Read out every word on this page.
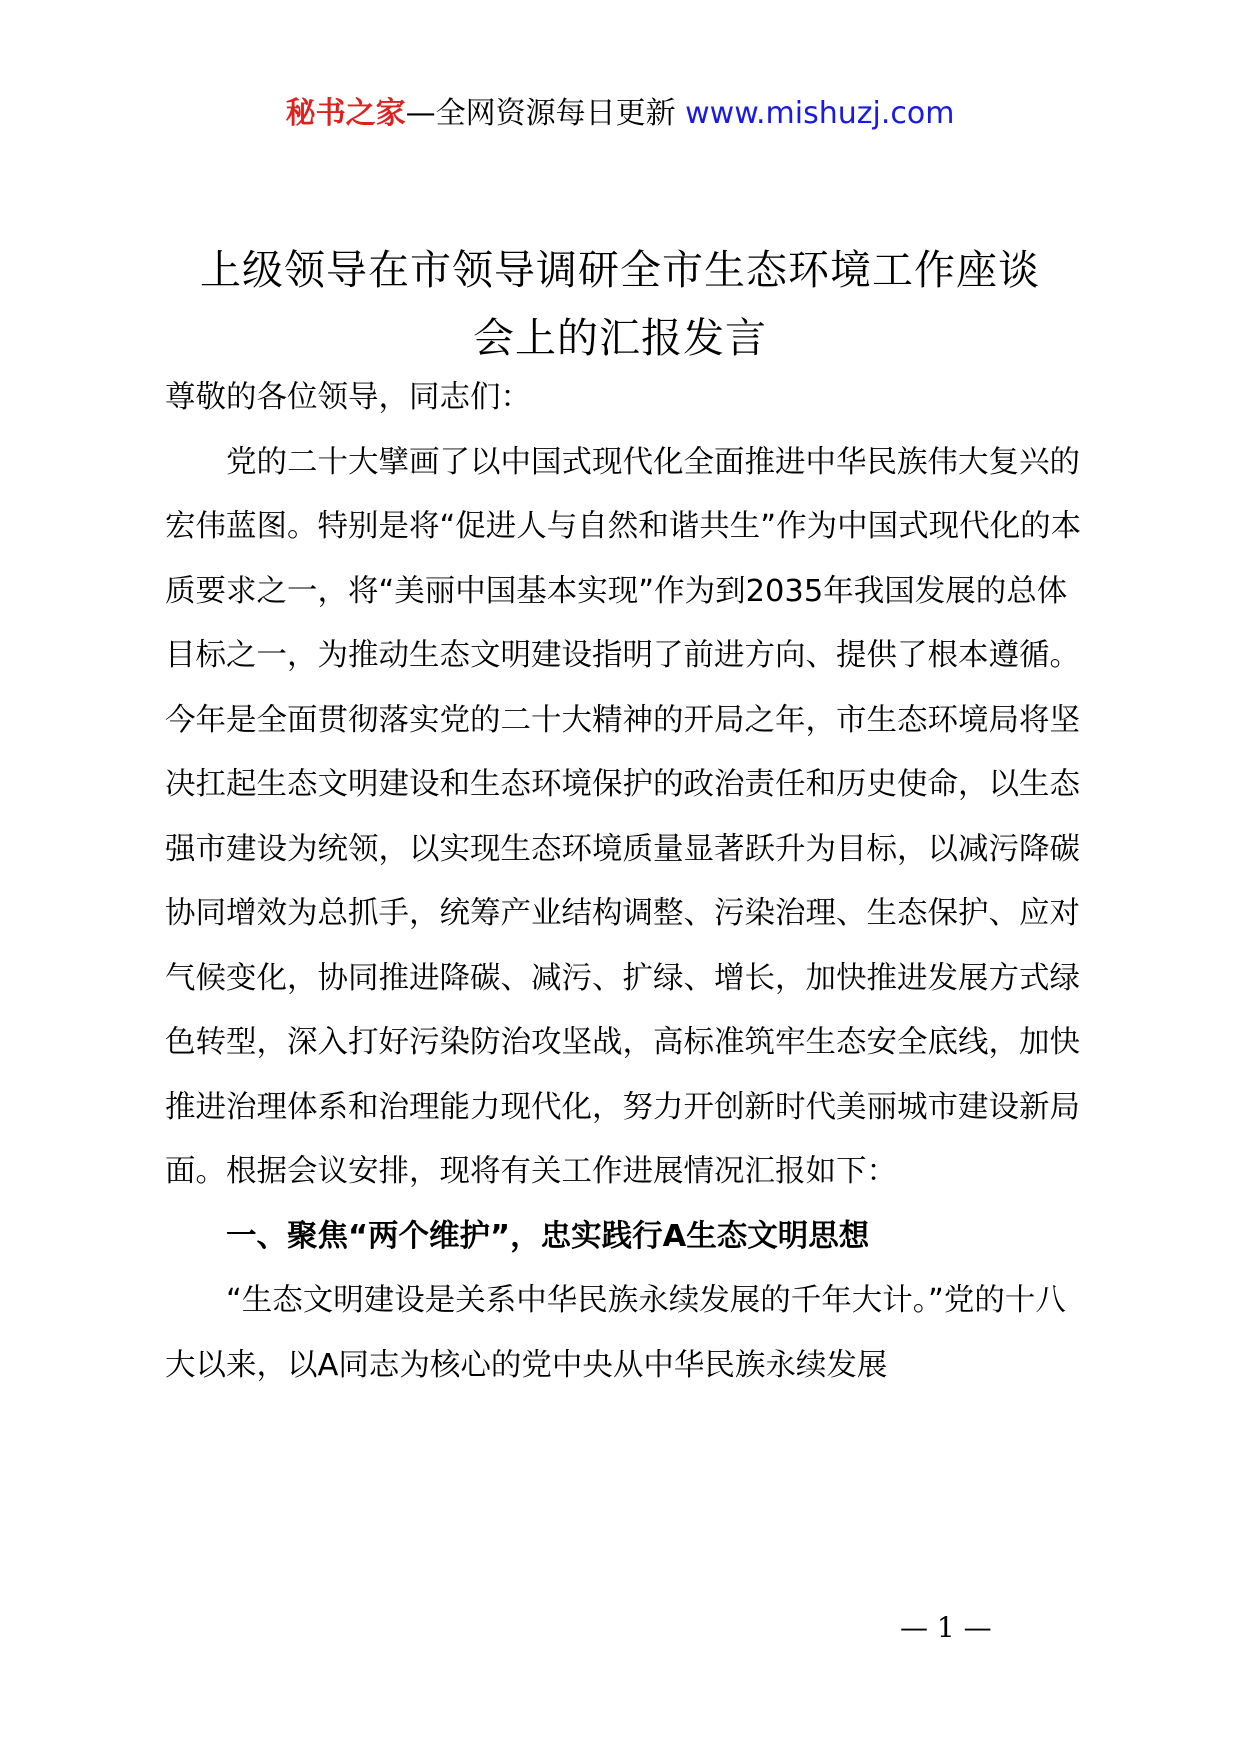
秘书之家—全网资源每日更新 www.mishuzj.com
上级领导在市领导调研全市生态环境工作座谈
会上的汇报发言

尊敬的各位领导，同志们：

党的二十大擘画了以中国式现代化全面推进中华民族伟大复兴的宏伟蓝图。特别是将“促进人与自然和谐共生”作为中国式现代化的本质要求之一，将“美丽中国基本实现”作为到2035年我国发展的总体目标之一，为推动生态文明建设指明了前进方向、提供了根本遵循。今年是全面贯彻落实党的二十大精神的开局之年，市生态环境局将坚决扛起生态文明建设和生态环境保护的政治责任和历史使命，以生态强市建设为统领，以实现生态环境质量显著跃升为目标，以减污降碳协同增效为总抓手，统筹产业结构调整、污染治理、生态保护、应对气候变化，协同推进降碳、减污、扩绿、增长，加快推进发展方式绿色转型，深入打好污染防治攻坚战，高标准筑牢生态安全底线，加快推进治理体系和治理能力现代化，努力开创新时代美丽城市建设新局面。根据会议安排，现将有关工作进展情况汇报如下：

一、聚焦“两个维护”，忠实践行A生态文明思想

“生态文明建设是关系中华民族永续发展的千年大计。”党的十八大以来，以A同志为核心的党中央从中华民族永续发展

— 1 —
